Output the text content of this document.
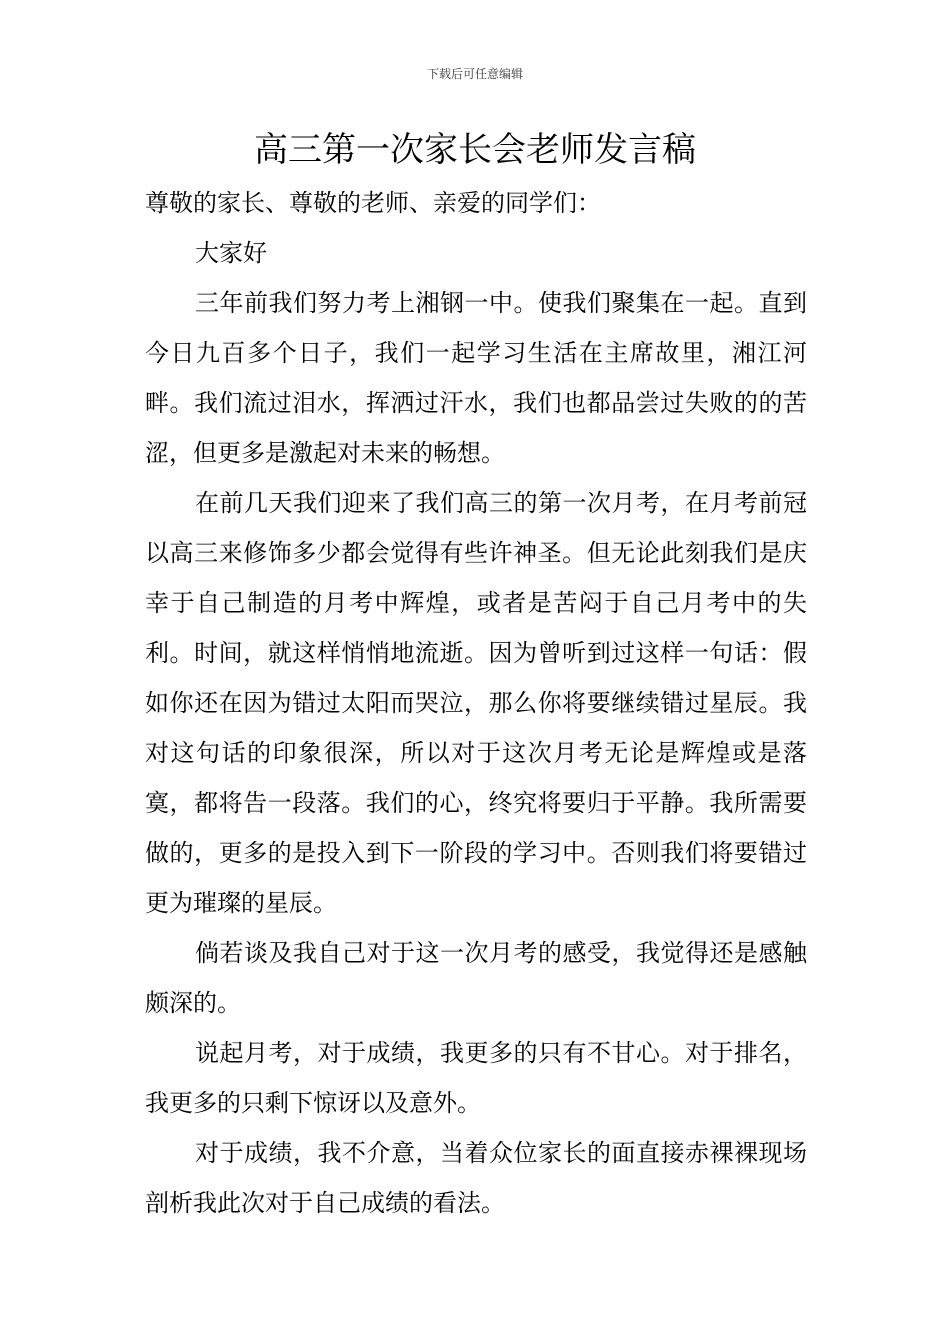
下载后可任意编辑
高三第一次家长会老师发言稿

尊敬的家长、尊敬的老师、亲爱的同学们：

大家好

三年前我们努力考上湘钢一中。使我们聚集在一起。直到今日九百多个日子，我们一起学习生活在主席故里，湘江河畔。我们流过泪水，挥洒过汗水，我们也都品尝过失败的的苦涩，但更多是激起对未来的畅想。

在前几天我们迎来了我们高三的第一次月考，在月考前冠以高三来修饰多少都会觉得有些许神圣。但无论此刻我们是庆幸于自己制造的月考中辉煌，或者是苦闷于自己月考中的失利。时间，就这样悄悄地流逝。因为曾听到过这样一句话：假如你还在因为错过太阳而哭泣，那么你将要继续错过星辰。我对这句话的印象很深，所以对于这次月考无论是辉煌或是落寞，都将告一段落。我们的心，终究将要归于平静。我所需要做的，更多的是投入到下一阶段的学习中。否则我们将要错过更为璀璨的星辰。

倘若谈及我自己对于这一次月考的感受，我觉得还是感触颇深的。

说起月考，对于成绩，我更多的只有不甘心。对于排名，我更多的只剩下惊讶以及意外。

对于成绩，我不介意，当着众位家长的面直接赤裸裸现场剖析我此次对于自己成绩的看法。
